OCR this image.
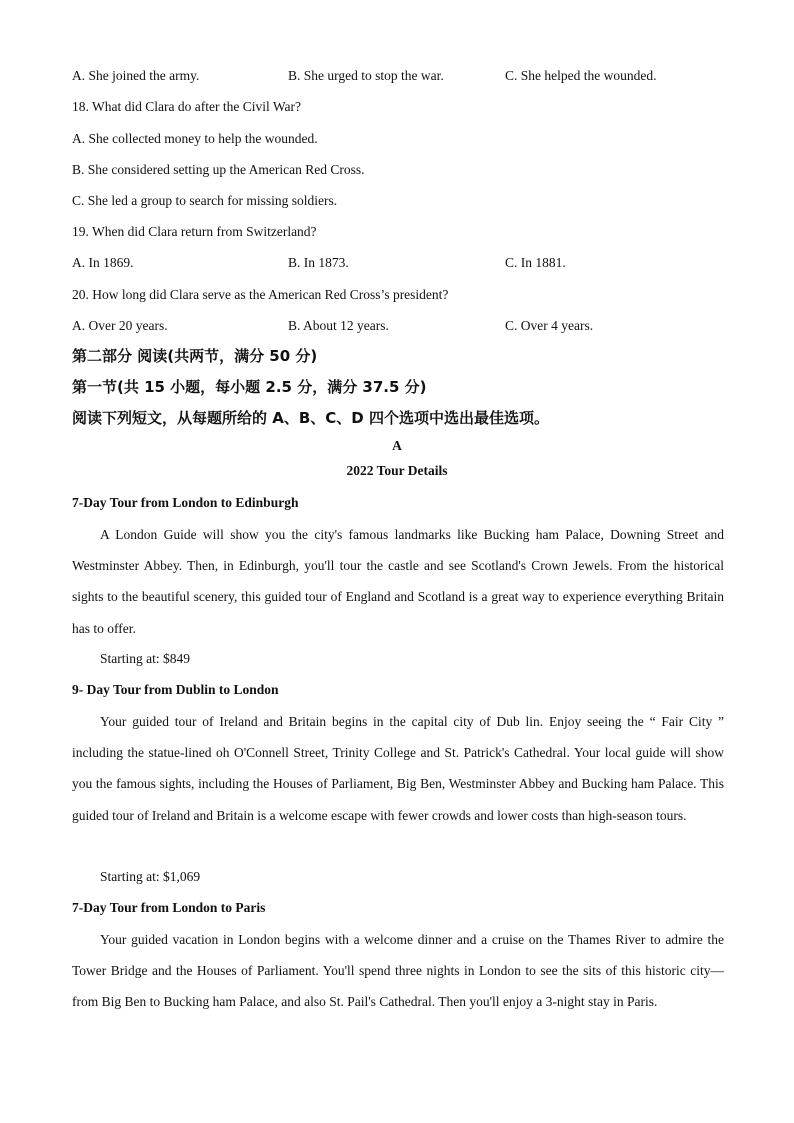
A. She joined the army.	B. She urged to stop the war.	C. She helped the wounded.
18. What did Clara do after the Civil War?
A. She collected money to help the wounded.
B. She considered setting up the American Red Cross.
C. She led a group to search for missing soldiers.
19. When did Clara return from Switzerland?
A. In 1869.	B. In 1873.	C. In 1881.
20. How long did Clara serve as the American Red Cross’s president?
A. Over 20 years.	B. About 12 years.	C. Over 4 years.
第二部分 阅读(共两节，满分 50 分)
第一节(共 15 小题，每小题 2.5 分，满分 37.5 分)
阅读下列短文，从每题所给的 A、B、C、D 四个选项中选出最佳选项。
A
2022 Tour Details
7-Day Tour from London to Edinburgh

A London Guide will show you the city's famous landmarks like Bucking ham Palace, Downing Street and Westminster Abbey. Then, in Edinburgh, you'll tour the castle and see Scotland's Crown Jewels. From the historical sights to the beautiful scenery, this guided tour of England and Scotland is a great way to experience everything Britain has to offer.

Starting at: $849
9- Day Tour from Dublin to London

Your guided tour of Ireland and Britain begins in the capital city of Dub lin. Enjoy seeing the “ Fair City ” including the statue-lined oh O'Connell Street, Trinity College and St. Patrick's Cathedral. Your local guide will show you the famous sights, including the Houses of Parliament, Big Ben, Westminster Abbey and Bucking ham Palace. This guided tour of Ireland and Britain is a welcome escape with fewer crowds and lower costs than high-season tours.

Starting at: $1,069
7-Day Tour from London to Paris

Your guided vacation in London begins with a welcome dinner and a cruise on the Thames River to admire the Tower Bridge and the Houses of Parliament. You'll spend three nights in London to see the sits of this historic city—from Big Ben to Bucking ham Palace, and also St. Pail's Cathedral. Then you'll enjoy a 3-night stay in Paris.
